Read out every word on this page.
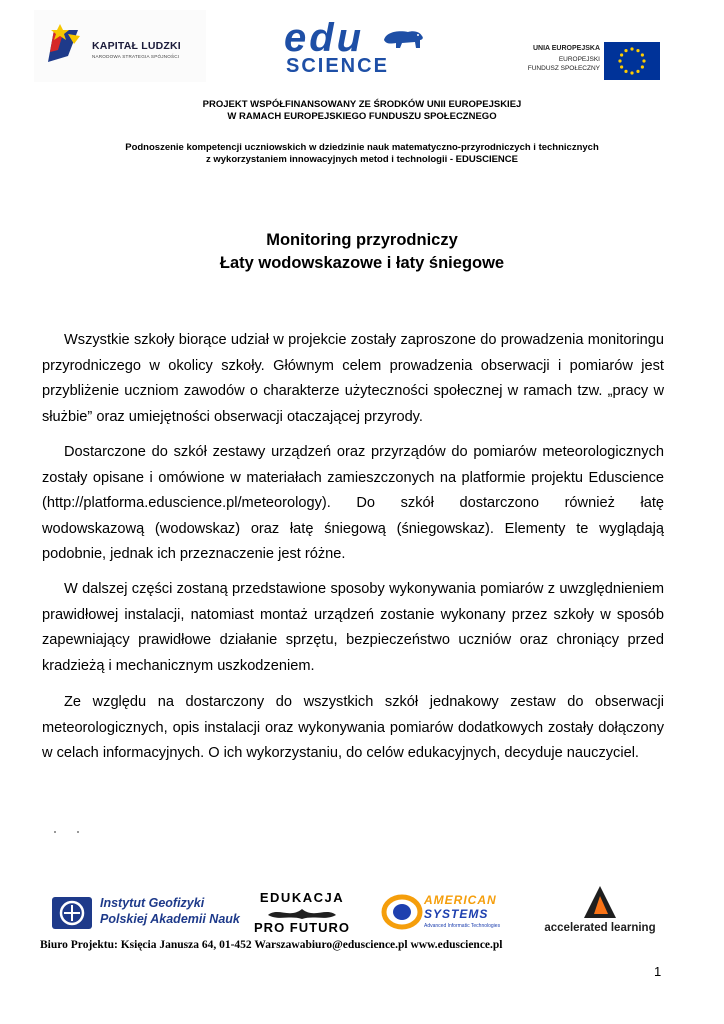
KAPITAŁ LUDZKI
NARODOWA STRATEGIA SPÓJNOŚCI	edu
SCIENCE
UNIA EUROPEJSKA
EUROPEJSKI
FUNDUSZ SPOŁECZNY
PROJEKT WSPÓŁFINANSOWANY ZE ŚRODKÓW UNII EUROPEJSKIEJ
W RAMACH EUROPEJSKIEGO FUNDUSZU SPOŁECZNEGO
Podnoszenie kompetencji uczniowskich w dziedzinie nauk matematyczno-przyrodniczych i technicznych
z wykorzystaniem innowacyjnych metod i technologii - EDUSCIENCE
Monitoring przyrodniczy
Łaty wodowskazowe i łaty śniegowe
Wszystkie szkoły biorące udział w projekcie zostały zaproszone do prowadzenia monitoringu
przyrodniczego w okolicy szkoły. Głównym celem prowadzenia obserwacji i pomiarów jest
przybliżenie uczniom zawodów o charakterze użyteczności społecznej w ramach tzw. „pracy w
służbie” oraz umiejętności obserwacji otaczającej przyrody.
Dostarczone do szkół zestawy urządzeń oraz przyrządów do pomiarów meteorologicznych
zostały opisane i omówione w materiałach zamieszczonych na platformie projektu Eduscience
(http://platforma.eduscience.pl/meteorology). Do szkół dostarczono również łatę
wodowskazową (wodowskaz) oraz łatę śniegową (śniegowskaz). Elementy te wyglądają
podobnie, jednak ich przeznaczenie jest różne.
W dalszej części zostaną przedstawione sposoby wykonywania pomiarów z uwzględnieniem
prawidłowej instalacji, natomiast montaż urządzeń zostanie wykonany przez szkoły w sposób
zapewniający prawidłowe działanie sprzętu, bezpieczeństwo uczniów oraz chroniący przed
kradzieżą i mechanicznym uszkodzeniem.
Ze względu na dostarczony do wszystkich szkół jednakowy zestaw do obserwacji
meteorologicznych, opis instalacji oraz wykonywania pomiarów dodatkowych zostały dołączony
w celach informacyjnych. O ich wykorzystaniu, do celów edukacyjnych, decyduje nauczyciel.
Instytut Geofizyki
Polskiej Akademii Nauk
EDUKACJA
PRO FUTURO
AMERICAN
SYSTEMS
Advanced Informatic Technologies	accelerated learning
Biuro Projektu: Księcia Janusza 64, 01-452 Warszawabiuro@eduscience.pl www.eduscience.pl
1
